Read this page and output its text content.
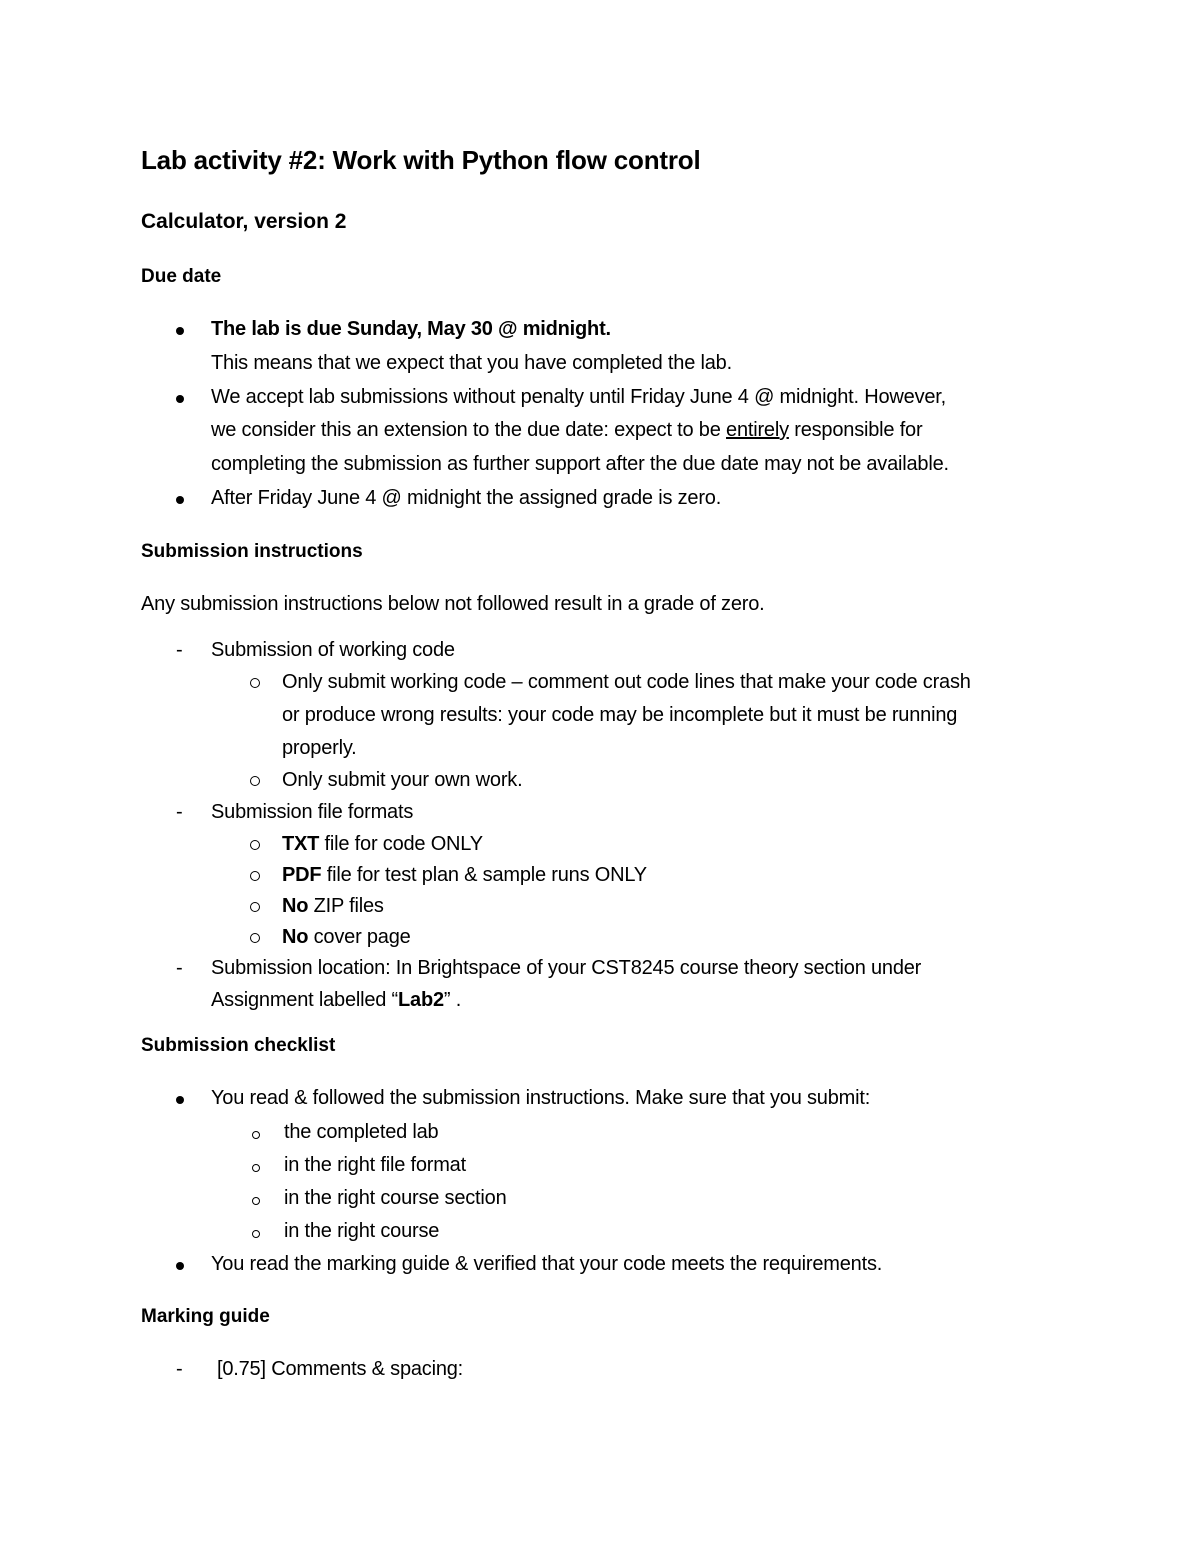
Lab activity #2: Work with Python flow control
Calculator, version 2
Due date
The lab is due Sunday, May 30 @ midnight.
This means that we expect that you have completed the lab.
We accept lab submissions without penalty until Friday June 4 @ midnight. However,
we consider this an extension to the due date: expect to be entirely responsible for
completing the submission as further support after the due date may not be available.
After Friday June 4 @ midnight the assigned grade is zero.
Submission instructions
Any submission instructions below not followed result in a grade of zero.
- Submission of working code
Only submit working code – comment out code lines that make your code crash
or produce wrong results: your code may be incomplete but it must be running
properly.
Only submit your own work.
- Submission file formats
TXT file for code ONLY
PDF file for test plan & sample runs ONLY
No ZIP files
No cover page
- Submission location: In Brightspace of your CST8245 course theory section under
Assignment labelled “Lab2” .
Submission checklist
You read & followed the submission instructions. Make sure that you submit:
the completed lab
in the right file format
in the right course section
in the right course
You read the marking guide & verified that your code meets the requirements.
Marking guide
- [0.75] Comments & spacing:
